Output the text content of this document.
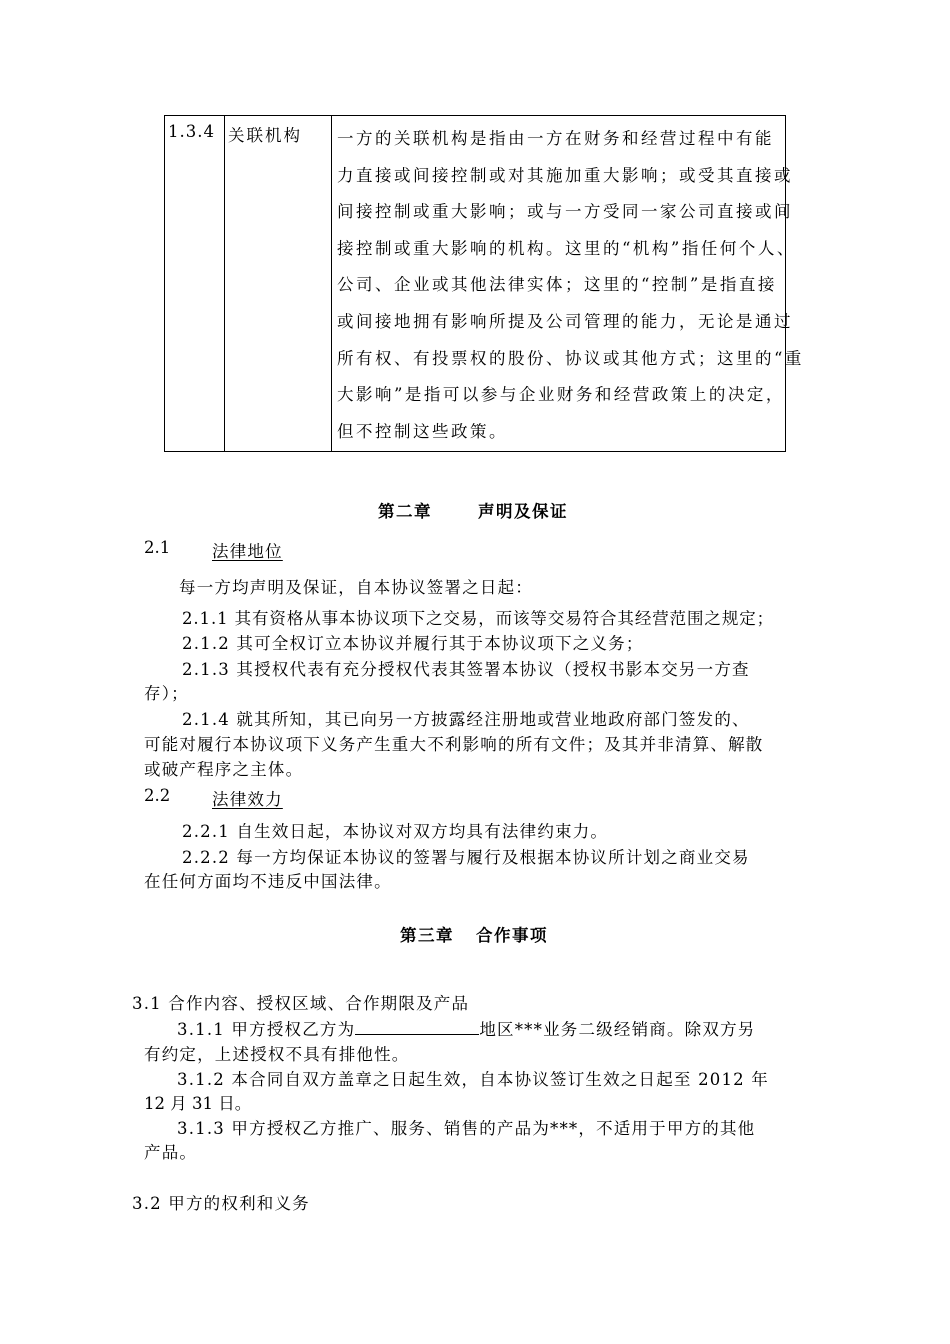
1.3.4	关联机构	一方的关联机构是指由一方在财务和经营过程中有能
力直接或间接控制或对其施加重大影响；或受其直接或
间接控制或重大影响；或与一方受同一家公司直接或间
接控制或重大影响的机构。这里的“机构”指任何个人、
公司、企业或其他法律实体；这里的“控制”是指直接
或间接地拥有影响所提及公司管理的能力，无论是通过
所有权、有投票权的股份、协议或其他方式；这里的“重
大影响”是指可以参与企业财务和经营政策上的决定，
但不控制这些政策。
第二章	声明及保证
2.1	法律地位
每一方均声明及保证，自本协议签署之日起：
2.1.1 其有资格从事本协议项下之交易，而该等交易符合其经营范围之规定；
2.1.2 其可全权订立本协议并履行其于本协议项下之义务；
2.1.3 其授权代表有充分授权代表其签署本协议（授权书影本交另一方查
存）；
2.1.4 就其所知，其已向另一方披露经注册地或营业地政府部门签发的、
可能对履行本协议项下义务产生重大不利影响的所有文件；及其并非清算、解散
或破产程序之主体。
2.2	法律效力
2.2.1 自生效日起，本协议对双方均具有法律约束力。
2.2.2 每一方均保证本协议的签署与履行及根据本协议所计划之商业交易
在任何方面均不违反中国法律。
第三章 合作事项
3.1 合作内容、授权区域、合作期限及产品
3.1.1 甲方授权乙方为	地区***业务二级经销商。除双方另
有约定，上述授权不具有排他性。
3.1.2 本合同自双方盖章之日起生效，自本协议签订生效之日起至 2012 年
12 月 31 日。
3.1.3 甲方授权乙方推广、服务、销售的产品为***，不适用于甲方的其他
产品。
3.2 甲方的权利和义务
